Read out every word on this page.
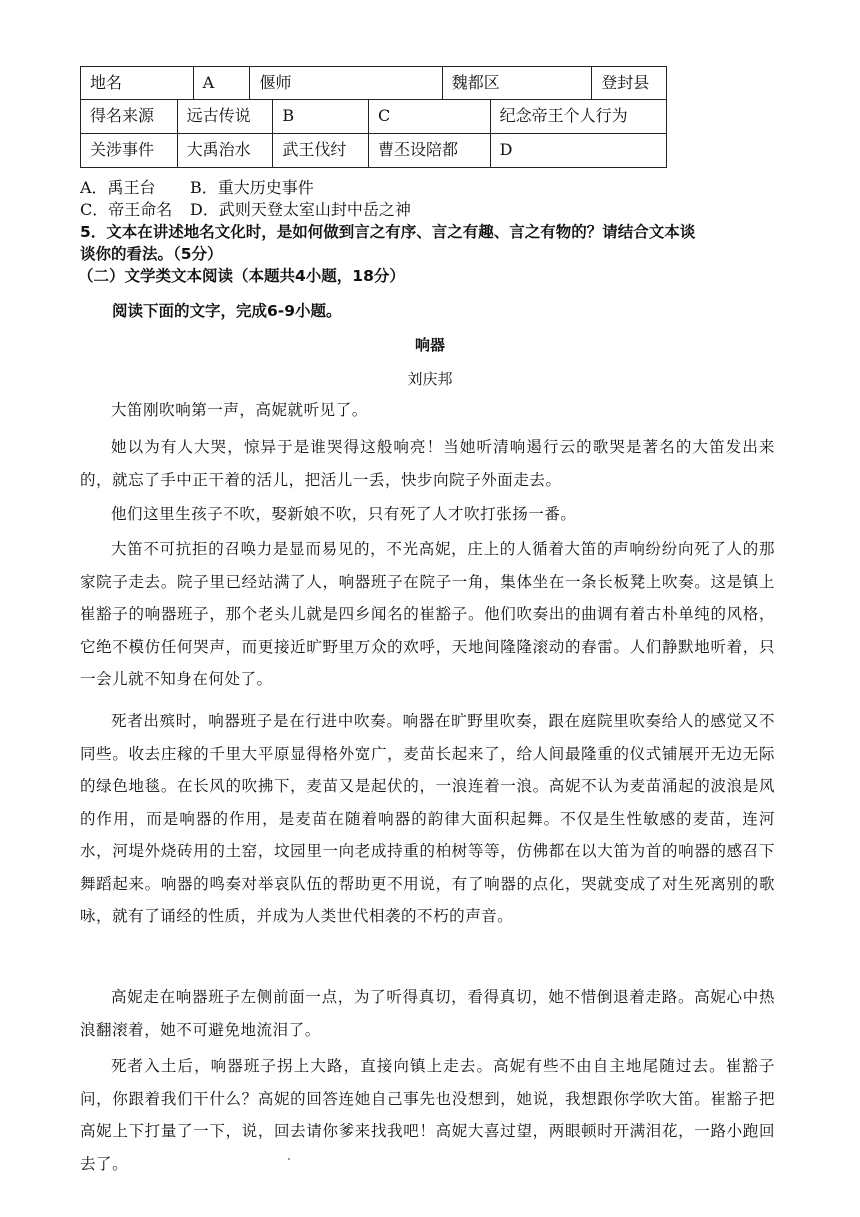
地名	A	偃师	魏都区	登封县
得名来源	远古传说	B	C	纪念帝王个人行为
关涉事件	大禹治水	武王伐纣	曹丕设陪都	D
A．禹王台 B．重大历史事件
C．帝王命名 D．武则天登太室山封中岳之神
5．文本在讲述地名文化时，是如何做到言之有序、言之有趣、言之有物的？请结合文本谈
谈你的看法。（5分）
（二）文学类文本阅读（本题共4小题，18分）
阅读下面的文字，完成6-9小题。
响器
刘庆邦
大笛刚吹响第一声，高妮就听见了。
她以为有人大哭，惊异于是谁哭得这般响亮！当她听清响遏行云的歌哭是著名的大笛发出来的，就忘了手中正干着的活儿，把活儿一丢，快步向院子外面走去。
他们这里生孩子不吹，娶新娘不吹，只有死了人才吹打张扬一番。
大笛不可抗拒的召唤力是显而易见的，不光高妮，庄上的人循着大笛的声响纷纷向死了人的那家院子走去。院子里已经站满了人，响器班子在院子一角，集体坐在一条长板凳上吹奏。这是镇上崔豁子的响器班子，那个老头儿就是四乡闻名的崔豁子。他们吹奏出的曲调有着古朴单纯的风格，它绝不模仿任何哭声，而更接近旷野里万众的欢呼，天地间隆隆滚动的春雷。人们静默地听着，只一会儿就不知身在何处了。
死者出殡时，响器班子是在行进中吹奏。响器在旷野里吹奏，跟在庭院里吹奏给人的感觉又不同些。收去庄稼的千里大平原显得格外宽广，麦苗长起来了，给人间最隆重的仪式铺展开无边无际的绿色地毯。在长风的吹拂下，麦苗又是起伏的，一浪连着一浪。高妮不认为麦苗涌起的波浪是风的作用，而是响器的作用，是麦苗在随着响器的韵律大面积起舞。不仅是生性敏感的麦苗，连河水，河堤外烧砖用的土窑，坟园里一向老成持重的柏树等等，仿佛都在以大笛为首的响器的感召下舞蹈起来。响器的鸣奏对举哀队伍的帮助更不用说，有了响器的点化，哭就变成了对生死离别的歌咏，就有了诵经的性质，并成为人类世代相袭的不朽的声音。
高妮走在响器班子左侧前面一点，为了听得真切，看得真切，她不惜倒退着走路。高妮心中热浪翻滚着，她不可避免地流泪了。
死者入土后，响器班子拐上大路，直接向镇上走去。高妮有些不由自主地尾随过去。崔豁子问，你跟着我们干什么？高妮的回答连她自己事先也没想到，她说，我想跟你学吹大笛。崔豁子把高妮上下打量了一下，说，回去请你爹来找我吧！高妮大喜过望，两眼顿时开满泪花，一路小跑回去了。
